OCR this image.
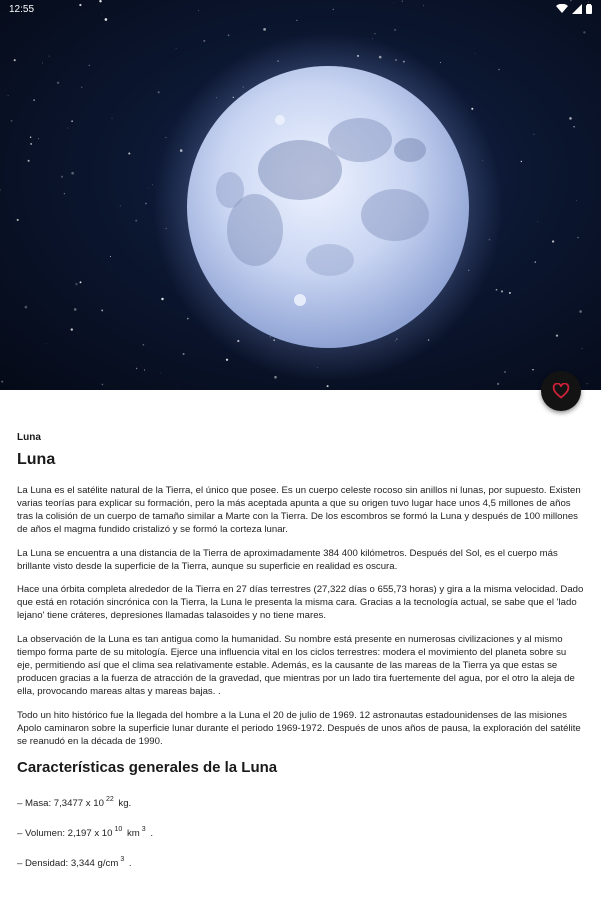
12:55
Luna
Luna

La Luna es el satélite natural de la Tierra, el único que posee. Es un cuerpo celeste rocoso sin anillos ni lunas, por supuesto. Existen varias teorías para explicar su formación, pero la más aceptada apunta a que su origen tuvo lugar hace unos 4,5 millones de años tras la colisión de un cuerpo de tamaño similar a Marte con la Tierra. De los escombros se formó la Luna y después de 100 millones de años el magma fundido cristalizó y se formó la corteza lunar.

La Luna se encuentra a una distancia de la Tierra de aproximadamente 384 400 kilómetros. Después del Sol, es el cuerpo más brillante visto desde la superficie de la Tierra, aunque su superficie en realidad es oscura.

Hace una órbita completa alrededor de la Tierra en 27 días terrestres (27,322 días o 655,73 horas) y gira a la misma velocidad. Dado que está en rotación sincrónica con la Tierra, la Luna le presenta la misma cara. Gracias a la tecnología actual, se sabe que el 'lado lejano' tiene cráteres, depresiones llamadas talasoides y no tiene mares.

La observación de la Luna es tan antigua como la humanidad. Su nombre está presente en numerosas civilizaciones y al mismo tiempo forma parte de su mitología. Ejerce una influencia vital en los ciclos terrestres: modera el movimiento del planeta sobre su eje, permitiendo así que el clima sea relativamente estable. Además, es la causante de las mareas de la Tierra ya que estas se producen gracias a la fuerza de atracción de la gravedad, que mientras por un lado tira fuertemente del agua, por el otro la aleja de ella, provocando mareas altas y mareas bajas. .

Todo un hito histórico fue la llegada del hombre a la Luna el 20 de julio de 1969. 12 astronautas estadounidenses de las misiones Apolo caminaron sobre la superficie lunar durante el periodo 1969-1972. Después de unos años de pausa, la exploración del satélite se reanudó en la década de 1990.

Características generales de la Luna
– Masa: 7,3477 x 10 $^{22}$ kg.
– Volumen: 2,197 x 10 $^{10}$ km $^3$ .
– Densidad: 3,344 g/cm $^3$ .
